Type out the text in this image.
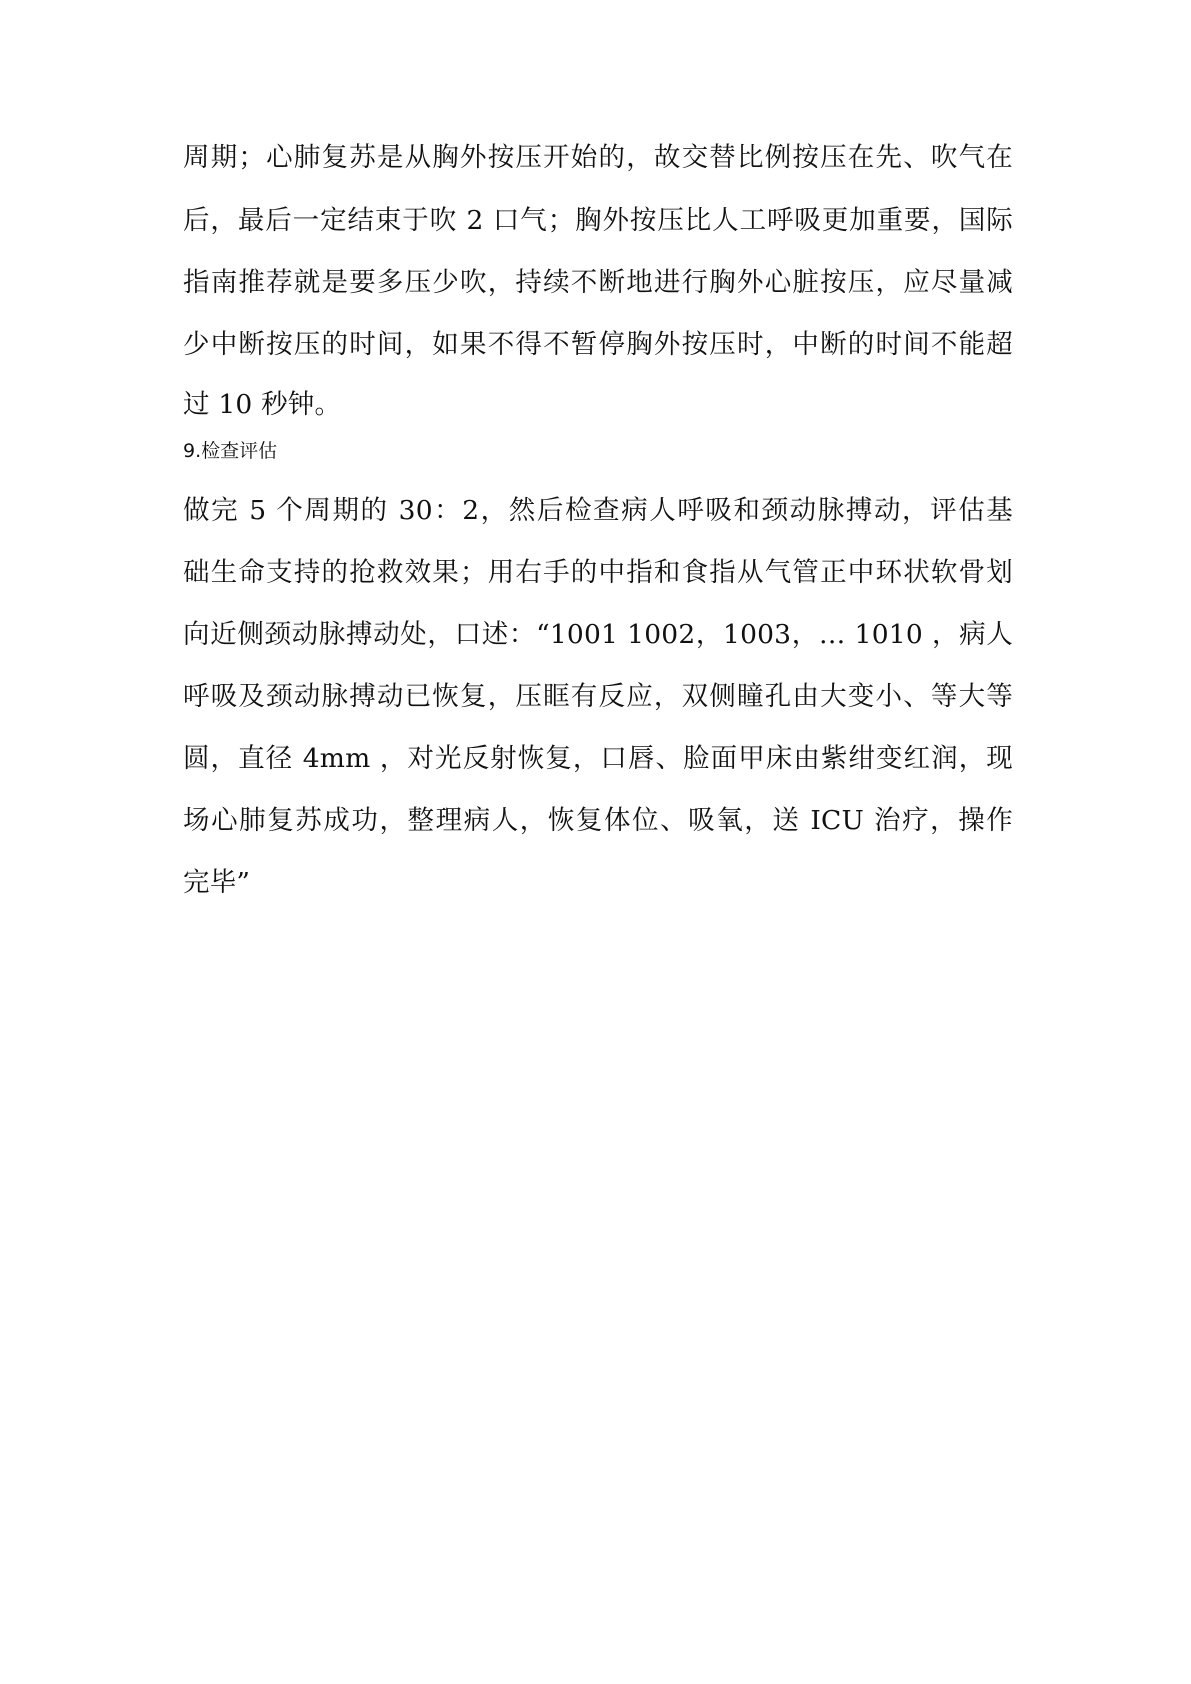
周期；心肺复苏是从胸外按压开始的，故交替比例按压在先、吹气在
后，最后一定结束于吹 2 口气；胸外按压比人工呼吸更加重要，国际
指南推荐就是要多压少吹，持续不断地进行胸外心脏按压，应尽量减
少中断按压的时间，如果不得不暂停胸外按压时，中断的时间不能超
过 10 秒钟。
9.检查评估
做完 5 个周期的 30：2，然后检查病人呼吸和颈动脉搏动，评估基
础生命支持的抢救效果；用右手的中指和食指从气管正中环状软骨划
向近侧颈动脉搏动处，口述：“1001 1002，1003，… 1010 ，病人
呼吸及颈动脉搏动已恢复，压眶有反应，双侧瞳孔由大变小、等大等
圆，直径 4mm ，对光反射恢复，口唇、脸面甲床由紫绀变红润，现
场心肺复苏成功，整理病人，恢复体位、吸氧，送 ICU 治疗，操作
完毕”
